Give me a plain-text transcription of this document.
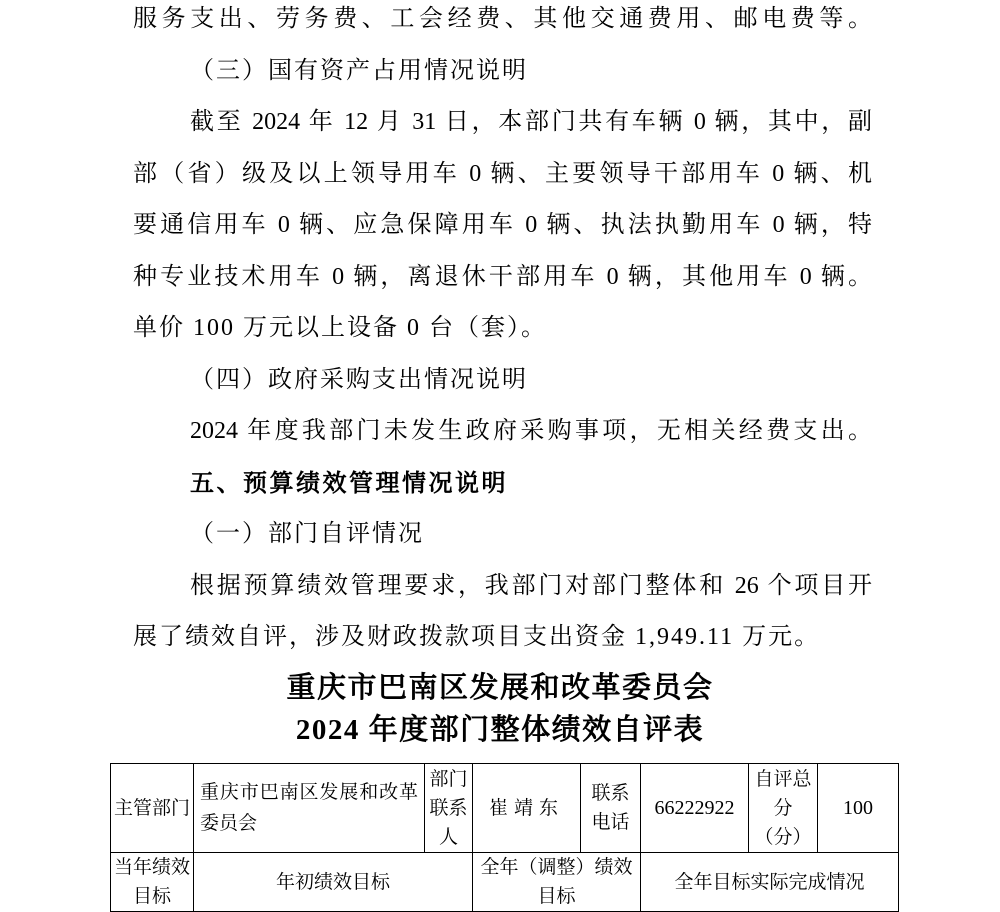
服务支出、劳务费、工会经费、其他交通费用、邮电费等。
（三）国有资产占用情况说明
截至 2024 年 12 月 31 日，本部门共有车辆 0 辆，其中，副
部（省）级及以上领导用车 0 辆、主要领导干部用车 0 辆、机
要通信用车 0 辆、应急保障用车 0 辆、执法执勤用车 0 辆，特
种专业技术用车 0 辆，离退休干部用车 0 辆，其他用车 0 辆。
单价 100 万元以上设备 0 台（套）。
（四）政府采购支出情况说明
2024 年度我部门未发生政府采购事项，无相关经费支出。
五、预算绩效管理情况说明
（一）部门自评情况
根据预算绩效管理要求，我部门对部门整体和 26 个项目开
展了绩效自评，涉及财政拨款项目支出资金 1,949.11 万元。
重庆市巴南区发展和改革委员会
2024 年度部门整体绩效自评表
主管部门	重庆市巴南区发展和改革委员会	部门联系人	崔靖东	联系电话	66222922	自评总分（分）	100
当年绩效目标	年初绩效目标		全年（调整）绩效目标		全年目标实际完成情况		
